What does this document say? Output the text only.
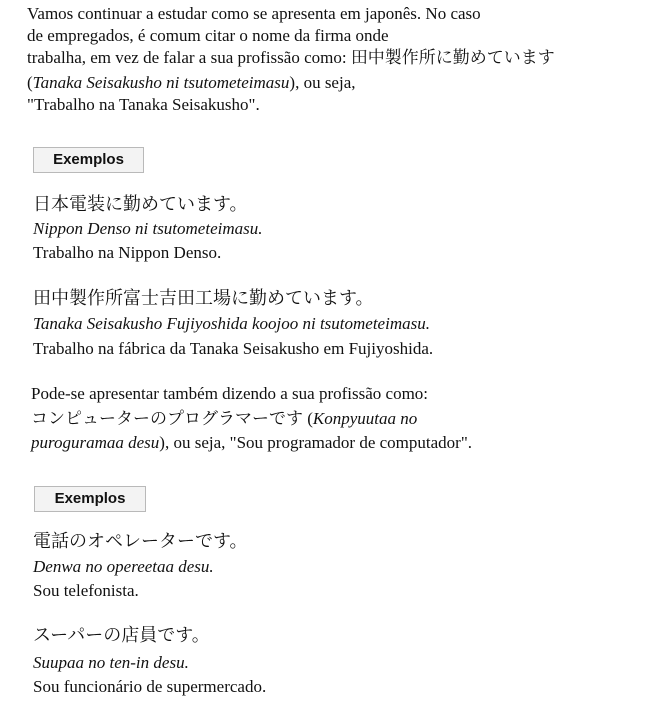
Vamos continuar a estudar como se apresenta em japonês. No caso
de empregados, é comum citar o nome da firma onde
trabalha, em vez de falar a sua profissão como: 田中製作所に勤めています
(Tanaka Seisakusho ni tsutometeimasu), ou seja,
"Trabalho na Tanaka Seisakusho".
Exemplos
日本電装に勤めています。
Nippon Denso ni tsutometeimasu.
Trabalho na Nippon Denso.
田中製作所富士吉田工場に勤めています。
Tanaka Seisakusho Fujiyoshida koojoo ni tsutometeimasu.
Trabalho na fábrica da Tanaka Seisakusho em Fujiyoshida.
Pode-se apresentar também dizendo a sua profissão como:
コンピューターのプログラマーです (Konpyuutaa no
puroguramaa desu), ou seja, "Sou programador de computador".
Exemplos
電話のオペレーターです。
Denwa no opereetaa desu.
Sou telefonista.
スーパーの店員です。
Suupaa no ten-in desu.
Sou funcionário de supermercado.
